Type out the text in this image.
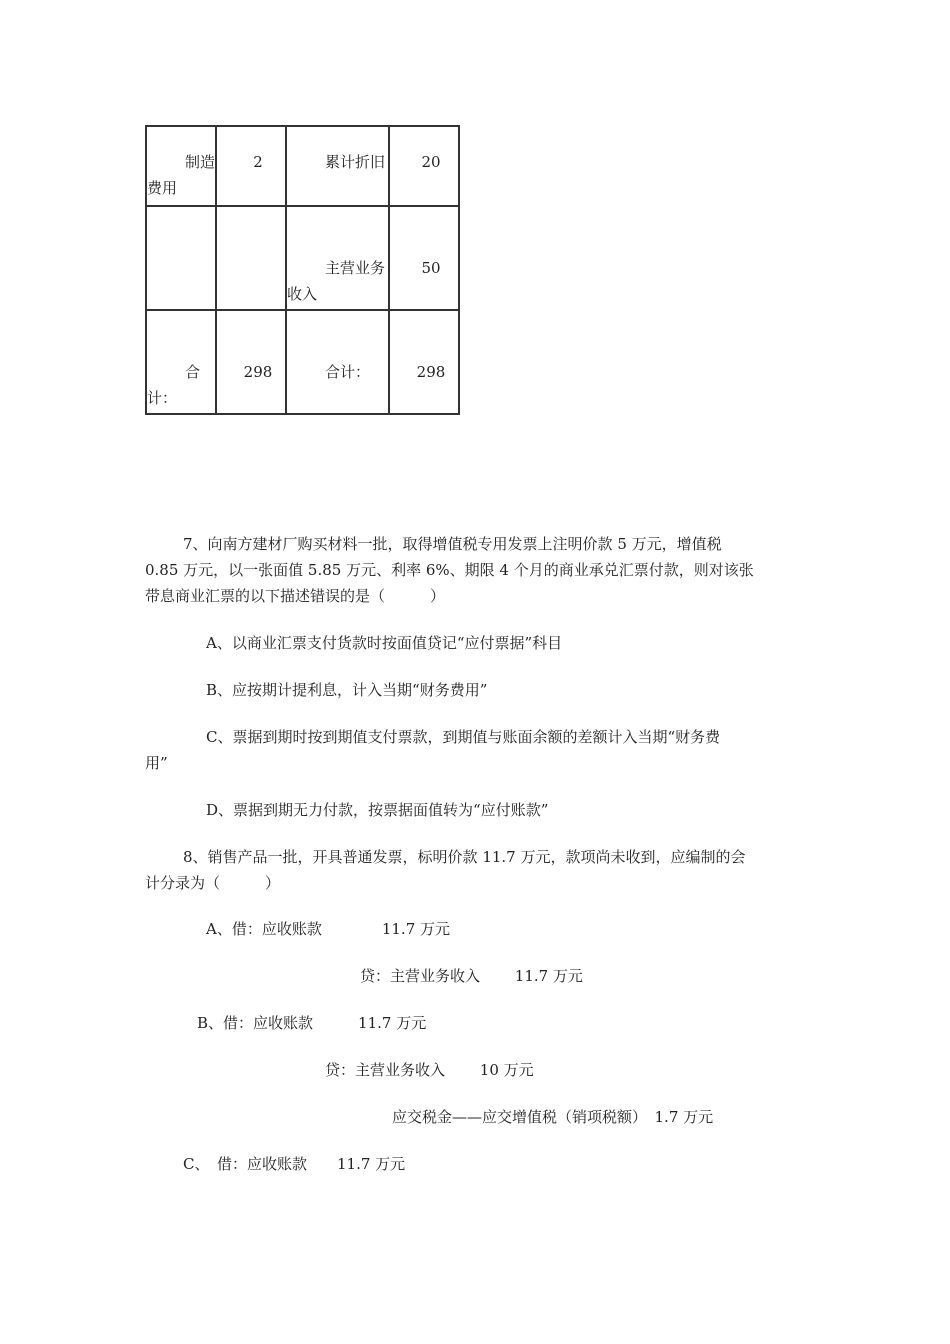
制造费用	2	累计折旧	20

		主营业务收入	50

合计：	298	合计：	298

7、向南方建材厂购买材料一批，取得增值税专用发票上注明价款 5 万元，增值税

0.85 万元，以一张面值 5.85 万元、利率 6%、期限 4 个月的商业承兑汇票付款，则对该张

带息商业汇票的以下描述错误的是（　　　）

A、以商业汇票支付货款时按面值贷记“应付票据”科目

B、应按期计提利息，计入当期“财务费用”

C、票据到期时按到期值支付票款，到期值与账面余额的差额计入当期“财务费

用”

D、票据到期无力付款，按票据面值转为“应付账款”

8、销售产品一批，开具普通发票，标明价款 11.7 万元，款项尚未收到，应编制的会

计分录为（　　　）

A、借：应收账款　　　　11.7 万元

贷：主营业务收入　　 11.7 万元

B、借：应收账款　　　11.7 万元

贷：主营业务收入　　 10 万元

应交税金——应交增值税（销项税额）　1.7 万元

C、　借：应收账款　　11.7 万元
